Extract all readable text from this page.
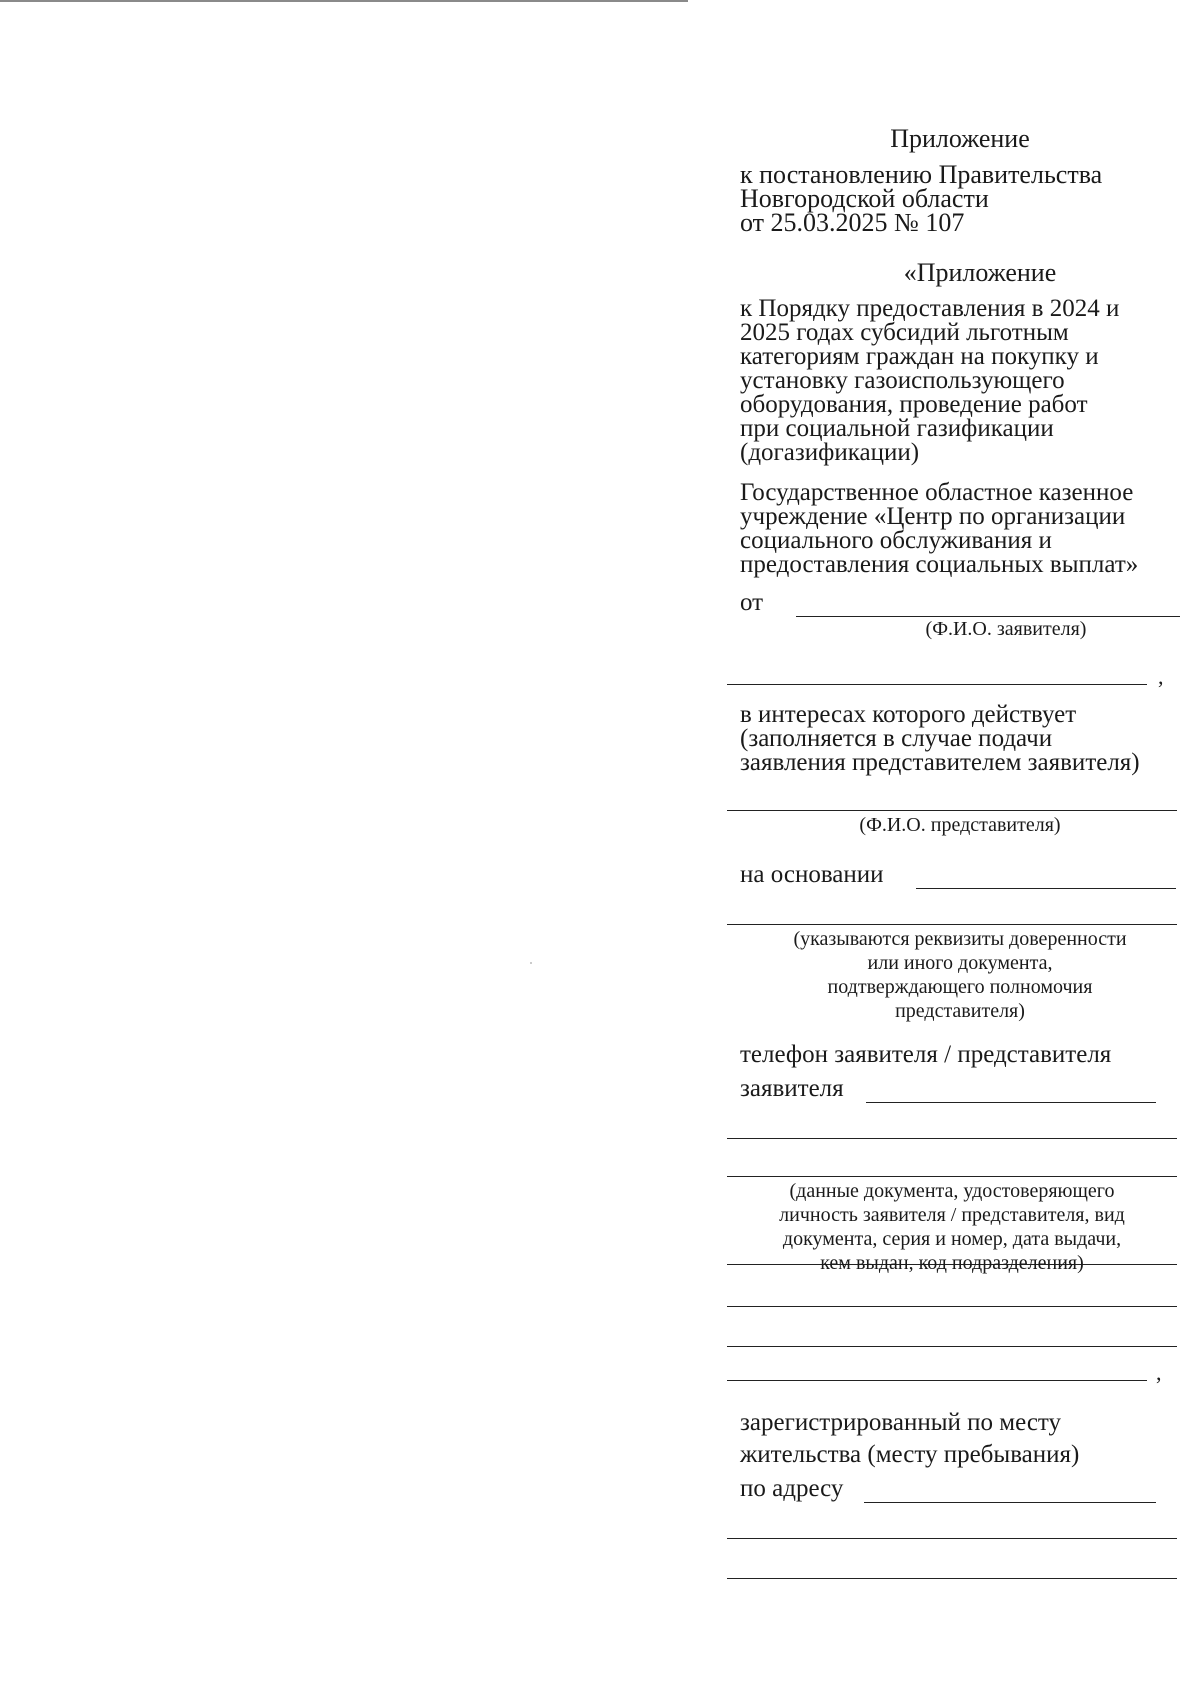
Приложение
к постановлению Правительства
Новгородской области
от 25.03.2025 № 107
«Приложение
к Порядку предоставления в 2024 и
2025 годах субсидий льготным
категориям граждан на покупку и
установку газоиспользующего
оборудования, проведение работ
при социальной газификации
(догазификации)
Государственное областное казенное
учреждение «Центр по организации
социального обслуживания и
предоставления социальных выплат»
от
(Ф.И.О. заявителя)
,
в интересах которого действует
(заполняется в случае подачи
заявления представителем заявителя)
(Ф.И.О. представителя)
на основании
(указываются реквизиты доверенности
или иного документа,
подтверждающего полномочия
представителя)
телефон заявителя / представителя
заявителя
(данные документа, удостоверяющего
личность заявителя / представителя, вид
документа, серия и номер, дата выдачи,
кем выдан, код подразделения)
,
зарегистрированный по месту
жительства (месту пребывания)
по адресу
